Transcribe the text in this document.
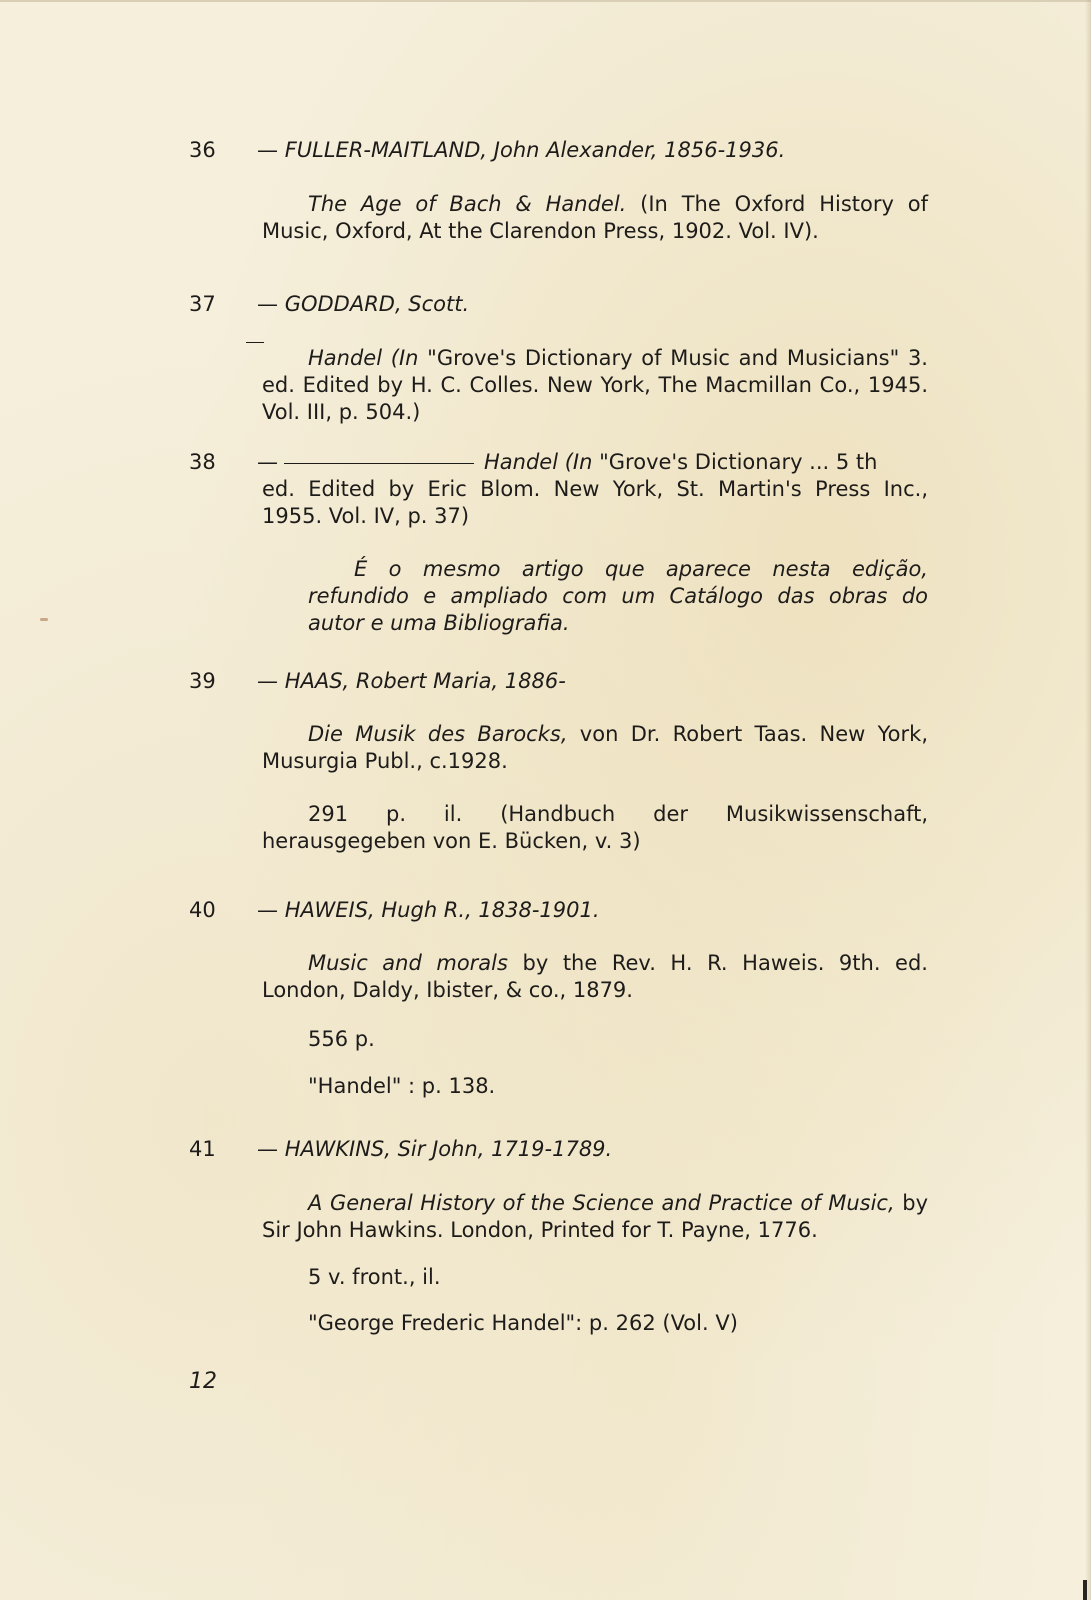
36 — FULLER-MAITLAND, John Alexander, 1856-1936.
The Age of Bach & Handel. (In The Oxford History of Music, Oxford, At the Clarendon Press, 1902. Vol. IV).
37 — GODDARD, Scott.
Handel (In "Grove's Dictionary of Music and Musicians" 3. ed. Edited by H. C. Colles. New York, The Macmillan Co., 1945. Vol. III, p. 504.)
38 —	Handel (In "Grove's Dictionary ... 5 th
ed. Edited by Eric Blom. New York, St. Martin's Press Inc., 1955. Vol. IV, p. 37)
É o mesmo artigo que aparece nesta edição, refundido e ampliado com um Catálogo das obras do autor e uma Bibliografia.
39 — HAAS, Robert Maria, 1886-
Die Musik des Barocks, von Dr. Robert Taas. New York, Musurgia Publ., c.1928.
291 p. il. (Handbuch der Musikwissenschaft, herausgegeben von E. Bücken, v. 3)
40 — HAWEIS, Hugh R., 1838-1901.
Music and morals by the Rev. H. R. Haweis. 9th. ed. London, Daldy, Ibister, & co., 1879.
556 p.
"Handel" : p. 138.
41 — HAWKINS, Sir John, 1719-1789.
A General History of the Science and Practice of Music, by Sir John Hawkins. London, Printed for T. Payne, 1776.
5 v. front., il.
"George Frederic Handel": p. 262 (Vol. V)
12
